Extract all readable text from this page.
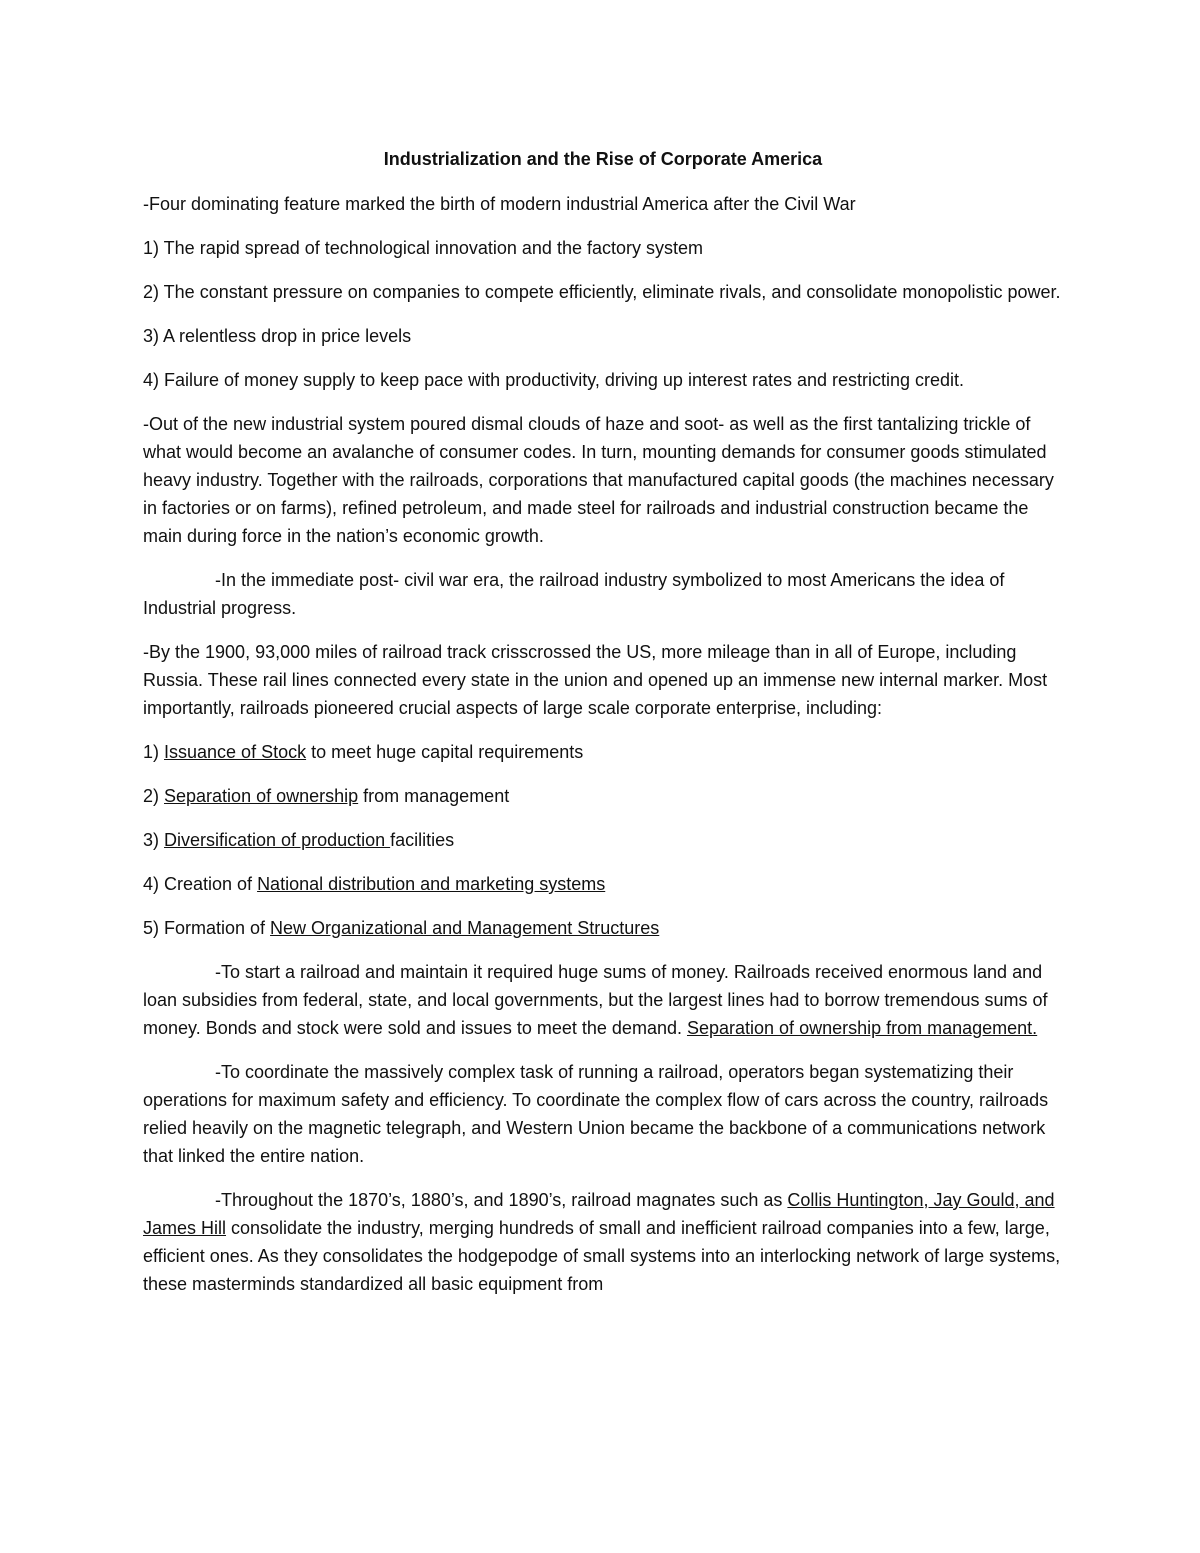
Industrialization and the Rise of Corporate America

-Four dominating feature marked the birth of modern industrial America after the Civil War

1) The rapid spread of technological innovation and the factory system

2) The constant pressure on companies to compete efficiently, eliminate rivals, and consolidate monopolistic power.

3) A relentless drop in price levels

4) Failure of money supply to keep pace with productivity, driving up interest rates and restricting credit.

-Out of the new industrial system poured dismal clouds of haze and soot- as well as the first tantalizing trickle of what would become an avalanche of consumer codes. In turn, mounting demands for consumer goods stimulated heavy industry. Together with the railroads, corporations that manufactured capital goods (the machines necessary in factories or on farms), refined petroleum, and made steel for railroads and industrial construction became the main during force in the nation’s economic growth.

-In the immediate post- civil war era, the railroad industry symbolized to most Americans the idea of Industrial progress.

-By the 1900, 93,000 miles of railroad track crisscrossed the US, more mileage than in all of Europe, including Russia. These rail lines connected every state in the union and opened up an immense new internal marker. Most importantly, railroads pioneered crucial aspects of large scale corporate enterprise, including:

1) Issuance of Stock to meet huge capital requirements

2) Separation of ownership from management

3) Diversification of production facilities

4) Creation of National distribution and marketing systems

5) Formation of New Organizational and Management Structures

-To start a railroad and maintain it required huge sums of money. Railroads received enormous land and loan subsidies from federal, state, and local governments, but the largest lines had to borrow tremendous sums of money. Bonds and stock were sold and issues to meet the demand. Separation of ownership from management.

-To coordinate the massively complex task of running a railroad, operators began systematizing their operations for maximum safety and efficiency. To coordinate the complex flow of cars across the country, railroads relied heavily on the magnetic telegraph, and Western Union became the backbone of a communications network that linked the entire nation.

-Throughout the 1870’s, 1880’s, and 1890’s, railroad magnates such as Collis Huntington, Jay Gould, and James Hill consolidate the industry, merging hundreds of small and inefficient railroad companies into a few, large, efficient ones. As they consolidates the hodgepodge of small systems into an interlocking network of large systems, these masterminds standardized all basic equipment from
